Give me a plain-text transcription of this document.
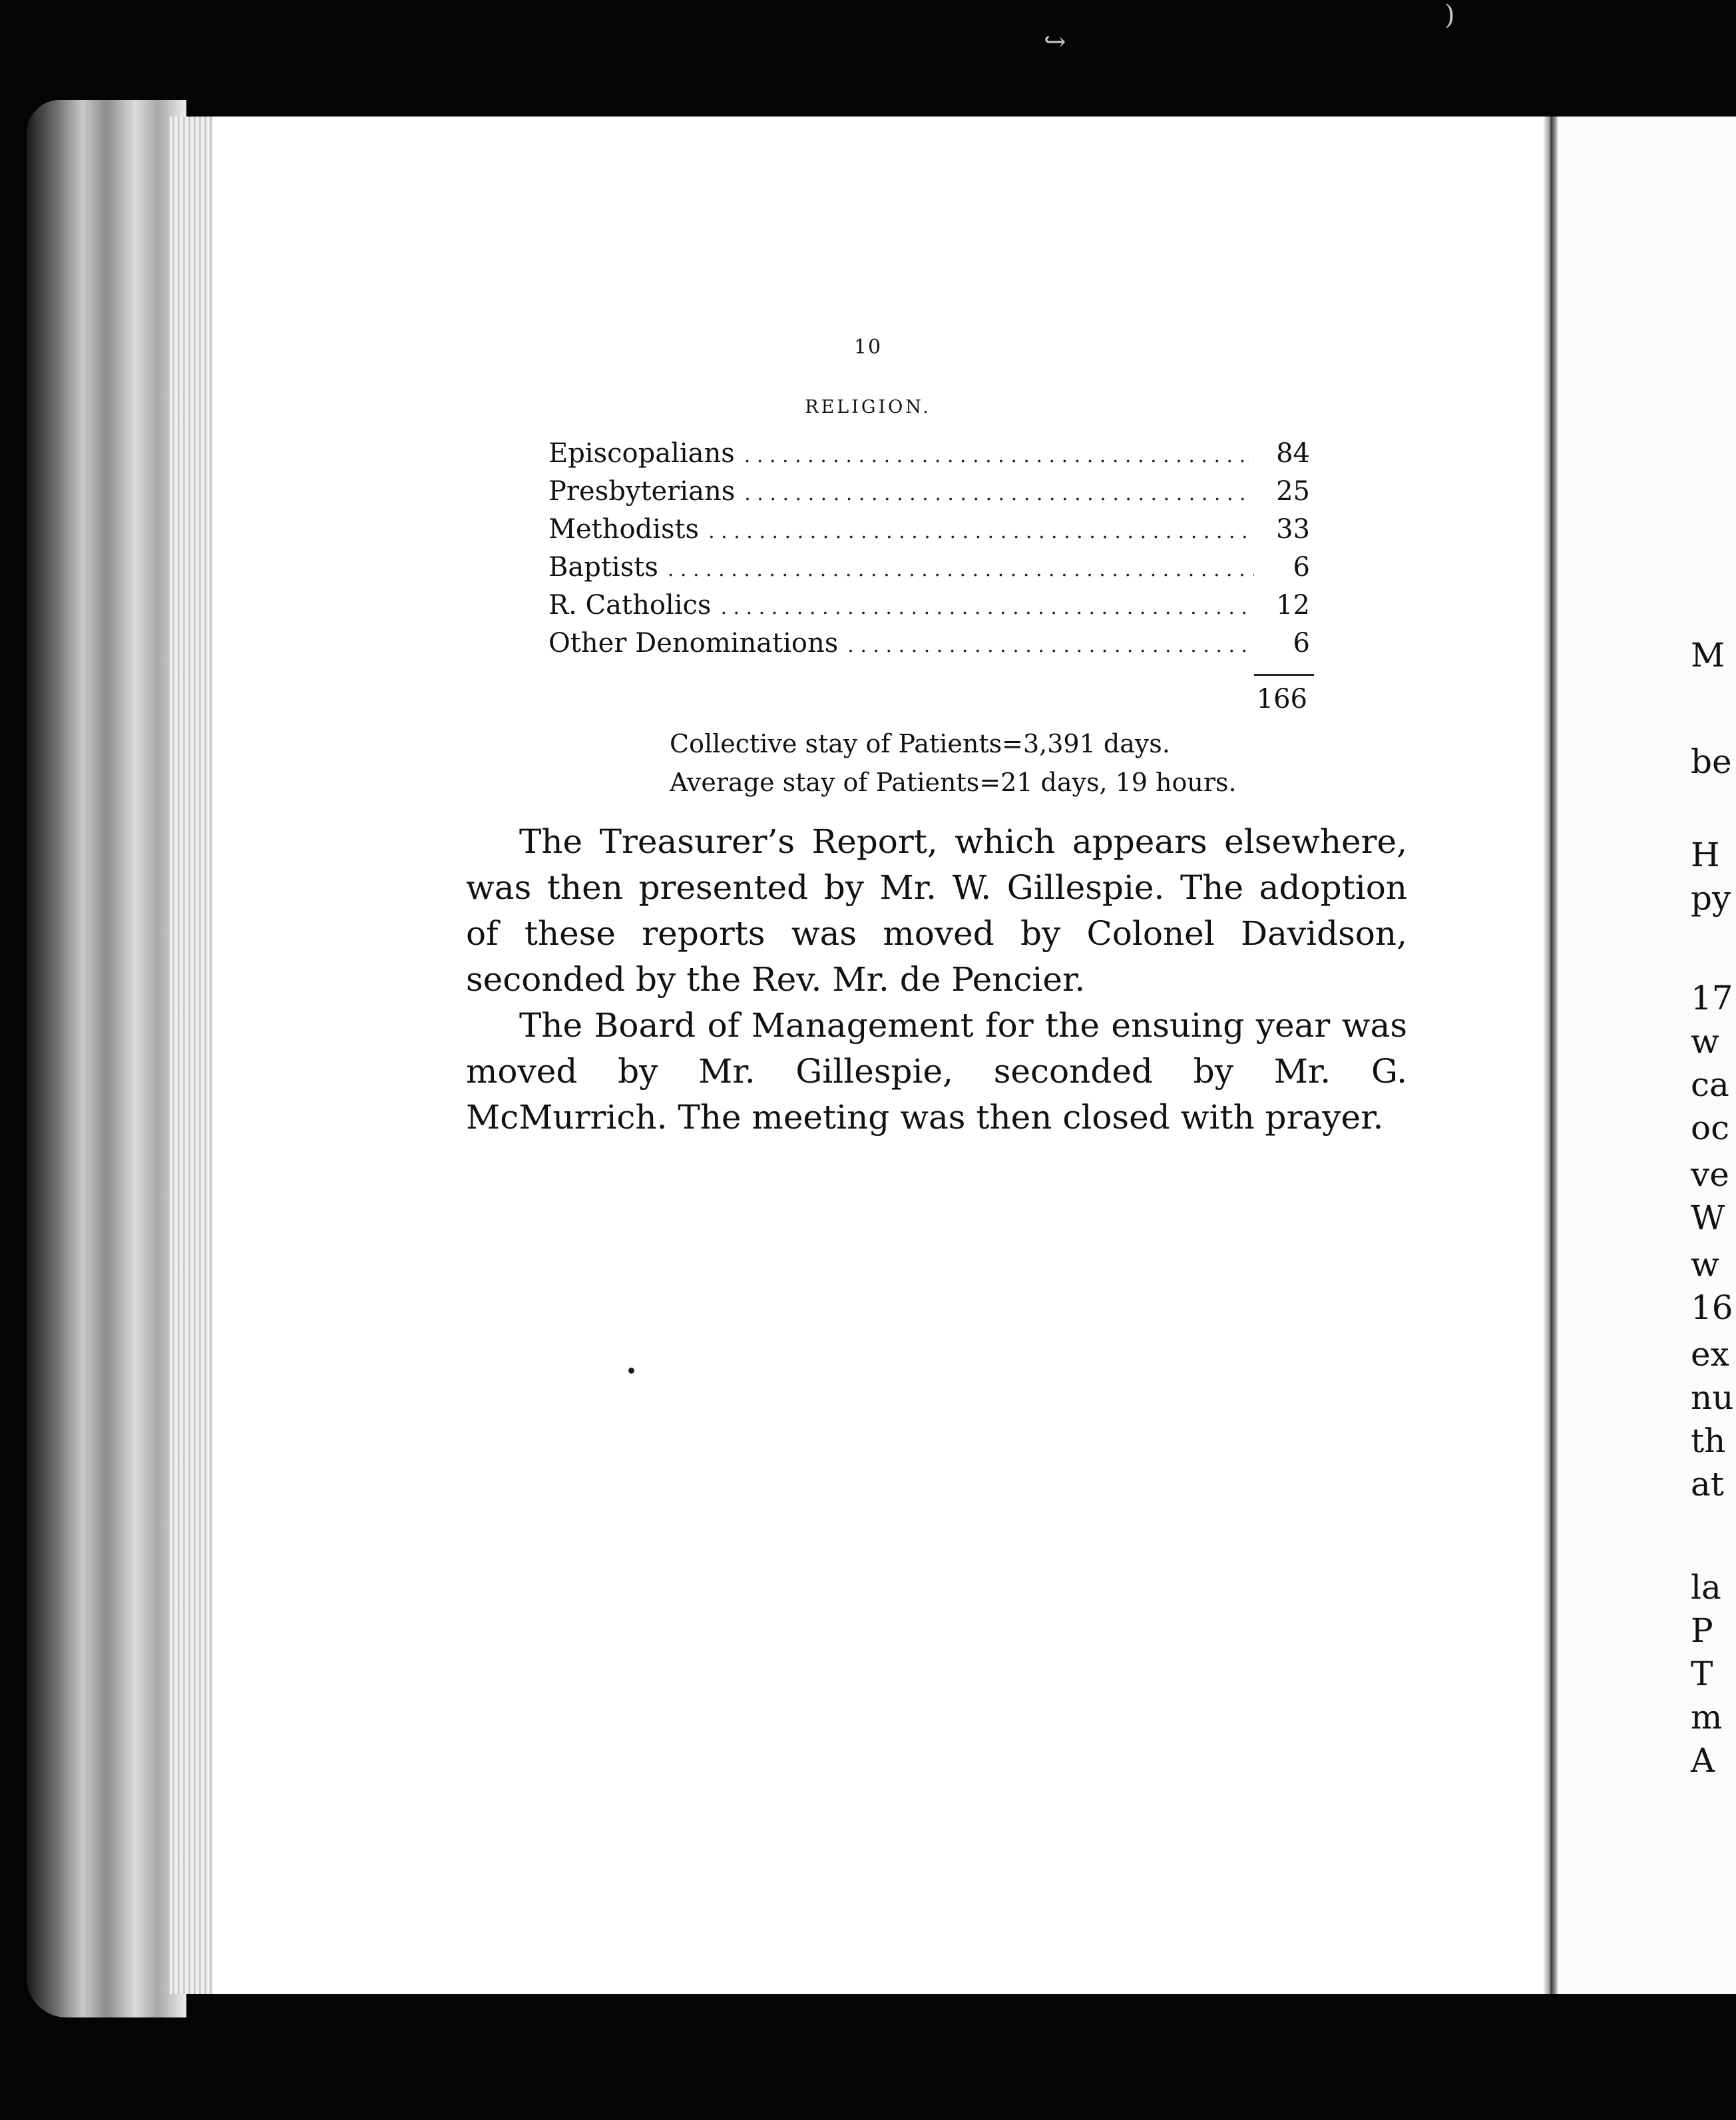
↪
)
10
RELIGION.
Episcopalians . . .	84
Presbyterians . . .	25
Methodists . . .	33
Baptists . . .	6
R. Catholics . . .	12
Other Denominations . . .	6
166
Collective stay of Patients=3,391 days.
Average stay of Patients=21 days, 19 hours.

The Treasurer’s Report, which appears elsewhere, was then presented by Mr. W. Gillespie. The adoption of these reports was moved by Colonel Davidson, seconded by the Rev. Mr. de Pencier.

The Board of Management for the ensuing year was moved by Mr. Gillespie, seconded by Mr. G. McMurrich. The meeting was then closed with prayer.

M
be
H
py
17
w
ca
oc
ve
W
w
16
ex
nu
th
at
la
P
T
m
A
